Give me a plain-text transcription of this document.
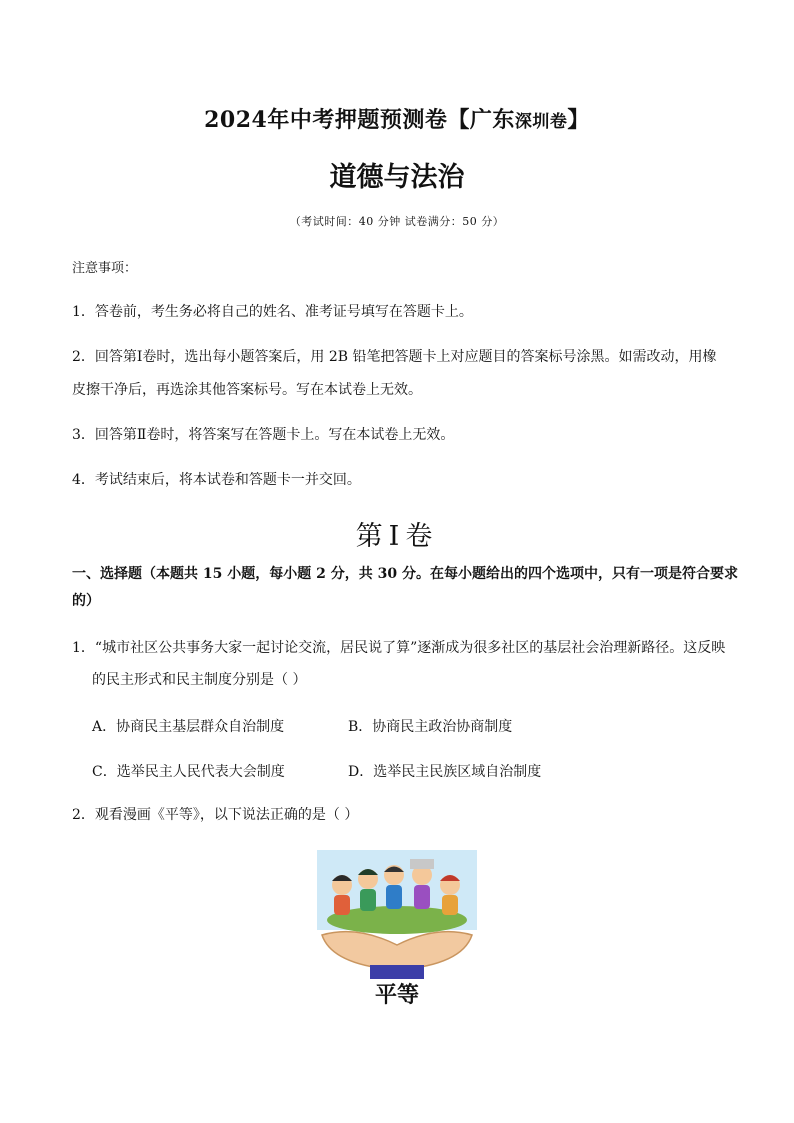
2024年中考押题预测卷【广东深圳卷】
道德与法治
（考试时间：40 分钟 试卷满分：50 分）
注意事项：
1．答卷前，考生务必将自己的姓名、准考证号填写在答题卡上。
2．回答第Ⅰ卷时，选出每小题答案后，用 2B 铅笔把答题卡上对应题目的答案标号涂黑。如需改动，用橡
皮擦干净后，再选涂其他答案标号。写在本试卷上无效。
3．回答第Ⅱ卷时，将答案写在答题卡上。写在本试卷上无效。
4．考试结束后，将本试卷和答题卡一并交回。
第Ⅰ卷
一、选择题（本题共 15 小题，每小题 2 分，共 30 分。在每小题给出的四个选项中，只有一项是符合要求
的）
1．“城市社区公共事务大家一起讨论交流，居民说了算”逐渐成为很多社区的基层社会治理新路径。这反映
的民主形式和民主制度分别是（ ）
A．协商民主基层群众自治制度	B．协商民主政治协商制度
C．选举民主人民代表大会制度	D．选举民主民族区域自治制度
2．观看漫画《平等》，以下说法正确的是（ ）
平等
